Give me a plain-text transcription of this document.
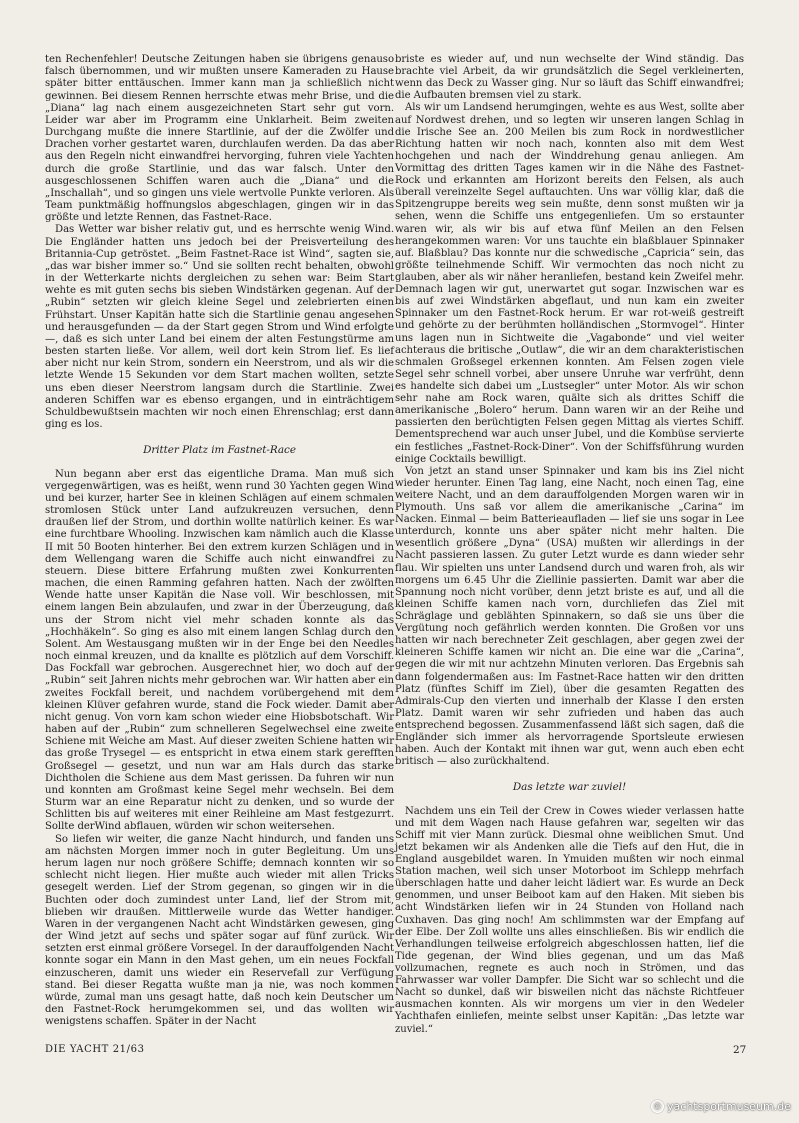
ten Rechenfehler! Deutsche Zeitungen haben sie übrigens genauso falsch übernommen, und wir mußten unsere Kameraden zu Hause später bitter enttäuschen. Immer kann man ja schließlich nicht gewinnen. Bei diesem Rennen herrschte etwas mehr Brise, und die „Diana“ lag nach einem ausgezeichneten Start sehr gut vorn. Leider war aber im Programm eine Unklarheit. Beim zweiten Durchgang mußte die innere Startlinie, auf der die Zwölfer und Drachen vorher gestartet waren, durchlaufen werden. Da das aber aus den Regeln nicht einwandfrei hervorging, fuhren viele Yachten durch die große Startlinie, und das war falsch. Unter den ausgeschlossenen Schiffen waren auch die „Diana“ und die „Inschallah“, und so gingen uns viele wertvolle Punkte verloren. Als Team punktmäßig hoffnungslos abgeschlagen, gingen wir in das größte und letzte Rennen, das Fastnet-Race.

Das Wetter war bisher relativ gut, und es herrschte wenig Wind. Die Engländer hatten uns jedoch bei der Preisverteilung des Britannia-Cup getröstet. „Beim Fastnet-Race ist Wind“, sagten sie, „das war bisher immer so.“ Und sie sollten recht behalten, obwohl in der Wetterkarte nichts dergleichen zu sehen war: Beim Start wehte es mit guten sechs bis sieben Windstärken gegenan. Auf der „Rubin“ setzten wir gleich kleine Segel und zelebrierten einen Frühstart. Unser Kapitän hatte sich die Startlinie genau angesehen und herausgefunden — da der Start gegen Strom und Wind erfolgte —, daß es sich unter Land bei einem der alten Festungstürme am besten starten ließe. Vor allem, weil dort kein Strom lief. Es lief aber nicht nur kein Strom, sondern ein Neerstrom, und als wir die letzte Wende 15 Sekunden vor dem Start machen wollten, setzte uns eben dieser Neerstrom langsam durch die Startlinie. Zwei anderen Schiffen war es ebenso ergangen, und in einträchtigem Schuldbewußtsein machten wir noch einen Ehrenschlag; erst dann ging es los.

Dritter Platz im Fastnet-Race

Nun begann aber erst das eigentliche Drama. Man muß sich vergegenwärtigen, was es heißt, wenn rund 30 Yachten gegen Wind und bei kurzer, harter See in kleinen Schlägen auf einem schmalen stromlosen Stück unter Land aufzukreuzen versuchen, denn draußen lief der Strom, und dorthin wollte natürlich keiner. Es war eine furchtbare Whooling. Inzwischen kam nämlich auch die Klasse II mit 50 Booten hinterher. Bei den extrem kurzen Schlägen und in dem Wellengang waren die Schiffe auch nicht einwandfrei zu steuern. Diese bittere Erfahrung mußten zwei Konkurrenten machen, die einen Ramming gefahren hatten. Nach der zwölften Wende hatte unser Kapitän die Nase voll. Wir beschlossen, mit einem langen Bein abzulaufen, und zwar in der Überzeugung, daß uns der Strom nicht viel mehr schaden konnte als das „Hochhäkeln“. So ging es also mit einem langen Schlag durch den Solent. Am Westausgang mußten wir in der Enge bei den Needles noch einmal kreuzen, und da knallte es plötzlich auf dem Vorschiff. Das Fockfall war gebrochen. Ausgerechnet hier, wo doch auf der „Rubin“ seit Jahren nichts mehr gebrochen war. Wir hatten aber ein zweites Fockfall bereit, und nachdem vorübergehend mit dem kleinen Klüver gefahren wurde, stand die Fock wieder. Damit aber nicht genug. Von vorn kam schon wieder eine Hiobsbotschaft. Wir haben auf der „Rubin“ zum schnelleren Segelwechsel eine zweite Schiene mit Weiche am Mast. Auf dieser zweiten Schiene hatten wir das große Trysegel — es entspricht in etwa einem stark gerefften Großsegel — gesetzt, und nun war am Hals durch das starke Dichtholen die Schiene aus dem Mast gerissen. Da fuhren wir nun und konnten am Großmast keine Segel mehr wechseln. Bei dem Sturm war an eine Reparatur nicht zu denken, und so wurde der Schlitten bis auf weiteres mit einer Reihleine am Mast festgezurrt. Sollte derWind abflauen, würden wir schon weitersehen.

So liefen wir weiter, die ganze Nacht hindurch, und fanden uns am nächsten Morgen immer noch in guter Begleitung. Um uns herum lagen nur noch größere Schiffe; demnach konnten wir so schlecht nicht liegen. Hier mußte auch wieder mit allen Tricks gesegelt werden. Lief der Strom gegenan, so gingen wir in die Buchten oder doch zumindest unter Land, lief der Strom mit, blieben wir draußen. Mittlerweile wurde das Wetter handiger. Waren in der vergangenen Nacht acht Windstärken gewesen, ging der Wind jetzt auf sechs und später sogar auf fünf zurück. Wir setzten erst einmal größere Vorsegel. In der darauffolgenden Nacht konnte sogar ein Mann in den Mast gehen, um ein neues Fockfall einzuscheren, damit uns wieder ein Reservefall zur Verfügung stand. Bei dieser Regatta wußte man ja nie, was noch kommen würde, zumal man uns gesagt hatte, daß noch kein Deutscher um den Fastnet-Rock herumgekommen sei, und das wollten wir wenigstens schaffen. Später in der Nacht

briste es wieder auf, und nun wechselte der Wind ständig. Das brachte viel Arbeit, da wir grundsätzlich die Segel verkleinerten, wenn das Deck zu Wasser ging. Nur so läuft das Schiff einwandfrei; die Aufbauten bremsen viel zu stark.

Als wir um Landsend herumgingen, wehte es aus West, sollte aber auf Nordwest drehen, und so legten wir unseren langen Schlag in die Irische See an. 200 Meilen bis zum Rock in nordwestlicher Richtung hatten wir noch nach, konnten also mit dem West hochgehen und nach der Winddrehung genau anliegen. Am Vormittag des dritten Tages kamen wir in die Nähe des Fastnet-Rock und erkannten am Horizont bereits den Felsen, als auch überall vereinzelte Segel auftauchten. Uns war völlig klar, daß die Spitzengruppe bereits weg sein mußte, denn sonst mußten wir ja sehen, wenn die Schiffe uns entgegenliefen. Um so erstaunter waren wir, als wir bis auf etwa fünf Meilen an den Felsen herangekommen waren: Vor uns tauchte ein blaßblauer Spinnaker auf. Blaßblau? Das konnte nur die schwedische „Capricia“ sein, das größte teilnehmende Schiff. Wir vermochten das noch nicht zu glauben, aber als wir näher heranliefen, bestand kein Zweifel mehr. Demnach lagen wir gut, unerwartet gut sogar. Inzwischen war es bis auf zwei Windstärken abgeflaut, und nun kam ein zweiter Spinnaker um den Fastnet-Rock herum. Er war rot-weiß gestreift und gehörte zu der berühmten holländischen „Stormvogel“. Hinter uns lagen nun in Sichtweite die „Vagabonde“ und viel weiter achteraus die britische „Outlaw“, die wir an dem charakteristischen schmalen Großsegel erkennen konnten. Am Felsen zogen viele Segel sehr schnell vorbei, aber unsere Unruhe war verfrüht, denn es handelte sich dabei um „Lustsegler“ unter Motor. Als wir schon sehr nahe am Rock waren, quälte sich als drittes Schiff die amerikanische „Bolero“ herum. Dann waren wir an der Reihe und passierten den berüchtigten Felsen gegen Mittag als viertes Schiff. Dementsprechend war auch unser Jubel, und die Kombüse servierte ein festliches „Fastnet-Rock-Diner“. Von der Schiffsführung wurden einige Cocktails bewilligt.

Von jetzt an stand unser Spinnaker und kam bis ins Ziel nicht wieder herunter. Einen Tag lang, eine Nacht, noch einen Tag, eine weitere Nacht, und an dem darauffolgenden Morgen waren wir in Plymouth. Uns saß vor allem die amerikanische „Carina“ im Nacken. Einmal — beim Batterieaufladen — lief sie uns sogar in Lee unterdurch, konnte uns aber später nicht mehr halten. Die wesentlich größere „Dyna“ (USA) mußten wir allerdings in der Nacht passieren lassen. Zu guter Letzt wurde es dann wieder sehr flau. Wir spielten uns unter Landsend durch und waren froh, als wir morgens um 6.45 Uhr die Ziellinie passierten. Damit war aber die Spannung noch nicht vorüber, denn jetzt briste es auf, und all die kleinen Schiffe kamen nach vorn, durchliefen das Ziel mit Schräglage und geblähten Spinnakern, so daß sie uns über die Vergütung noch gefährlich werden konnten. Die Großen vor uns hatten wir nach berechneter Zeit geschlagen, aber gegen zwei der kleineren Schiffe kamen wir nicht an. Die eine war die „Carina“, gegen die wir mit nur achtzehn Minuten verloren. Das Ergebnis sah dann folgendermaßen aus: Im Fastnet-Race hatten wir den dritten Platz (fünftes Schiff im Ziel), über die gesamten Regatten des Admirals-Cup den vierten und innerhalb der Klasse I den ersten Platz. Damit waren wir sehr zufrieden und haben das auch entsprechend begossen. Zusammenfassend läßt sich sagen, daß die Engländer sich immer als hervorragende Sportsleute erwiesen haben. Auch der Kontakt mit ihnen war gut, wenn auch eben echt britisch — also zurückhaltend.

Das letzte war zuviel!

Nachdem uns ein Teil der Crew in Cowes wieder verlassen hatte und mit dem Wagen nach Hause gefahren war, segelten wir das Schiff mit vier Mann zurück. Diesmal ohne weiblichen Smut. Und jetzt bekamen wir als Andenken alle die Tiefs auf den Hut, die in England ausgebildet waren. In Ymuiden mußten wir noch einmal Station machen, weil sich unser Motorboot im Schlepp mehrfach überschlagen hatte und daher leicht lädiert war. Es wurde an Deck genommen, und unser Beiboot kam auf den Haken. Mit sieben bis acht Windstärken liefen wir in 24 Stunden von Holland nach Cuxhaven. Das ging noch! Am schlimmsten war der Empfang auf der Elbe. Der Zoll wollte uns alles einschließen. Bis wir endlich die Verhandlungen teilweise erfolgreich abgeschlossen hatten, lief die Tide gegenan, der Wind blies gegenan, und um das Maß vollzumachen, regnete es auch noch in Strömen, und das Fahrwasser war voller Dampfer. Die Sicht war so schlecht und die Nacht so dunkel, daß wir bisweilen nicht das nächste Richtfeuer ausmachen konnten. Als wir morgens um vier in den Wedeler Yachthafen einliefen, meinte selbst unser Kapitän: „Das letzte war zuviel.“

DIE YACHT 21/63	27
© yachtsportmuseum.de
